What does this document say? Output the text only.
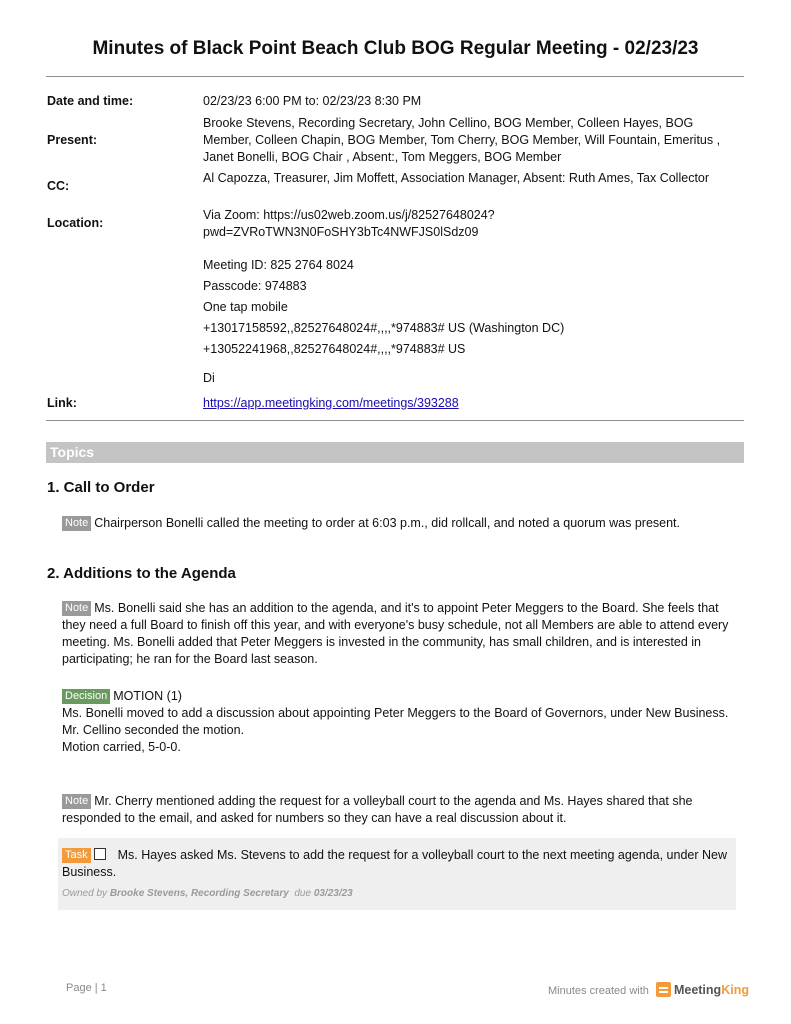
Minutes of Black Point Beach Club BOG Regular Meeting - 02/23/23
Date and time:	02/23/23 6:00 PM to: 02/23/23 8:30 PM
Present:
Brooke Stevens, Recording Secretary, John Cellino, BOG Member, Colleen Hayes, BOG Member, Colleen Chapin, BOG Member, Tom Cherry, BOG Member, Will Fountain, Emeritus , Janet Bonelli, BOG Chair , Absent:, Tom Meggers, BOG Member
CC:
Al Capozza, Treasurer, Jim Moffett, Association Manager, Absent: Ruth Ames, Tax Collector
Location:
Via Zoom: https://us02web.zoom.us/j/82527648024?
pwd=ZVRoTWN3N0FoSHY3bTc4NWFJS0lSdz09
Meeting ID: 825 2764 8024
Passcode: 974883
One tap mobile
+13017158592,,82527648024#,,,,*974883# US (Washington DC)
+13052241968,,82527648024#,,,,*974883# US
Di
Link:	https://app.meetingking.com/meetings/393288
Topics
1. Call to Order
Note Chairperson Bonelli called the meeting to order at 6:03 p.m., did rollcall, and noted a quorum was present.
2. Additions to the Agenda
Note Ms. Bonelli said she has an addition to the agenda, and it's to appoint Peter Meggers to the Board. She feels that they need a full Board to finish off this year, and with everyone's busy schedule, not all Members are able to attend every meeting. Ms. Bonelli added that Peter Meggers is invested in the community, has small children, and is interested in participating; he ran for the Board last season.
Decision MOTION (1)
Ms. Bonelli moved to add a discussion about appointing Peter Meggers to the Board of Governors, under New Business.
Mr. Cellino seconded the motion.
Motion carried, 5-0-0.
Note Mr. Cherry mentioned adding the request for a volleyball court to the agenda and Ms. Hayes shared that she responded to the email, and asked for numbers so they can have a real discussion about it.
Task Ms. Hayes asked Ms. Stevens to add the request for a volleyball court to the next meeting agenda, under New Business.
Owned by Brooke Stevens, Recording Secretary due 03/23/23
Page | 1	Minutes created with MeetingKing
